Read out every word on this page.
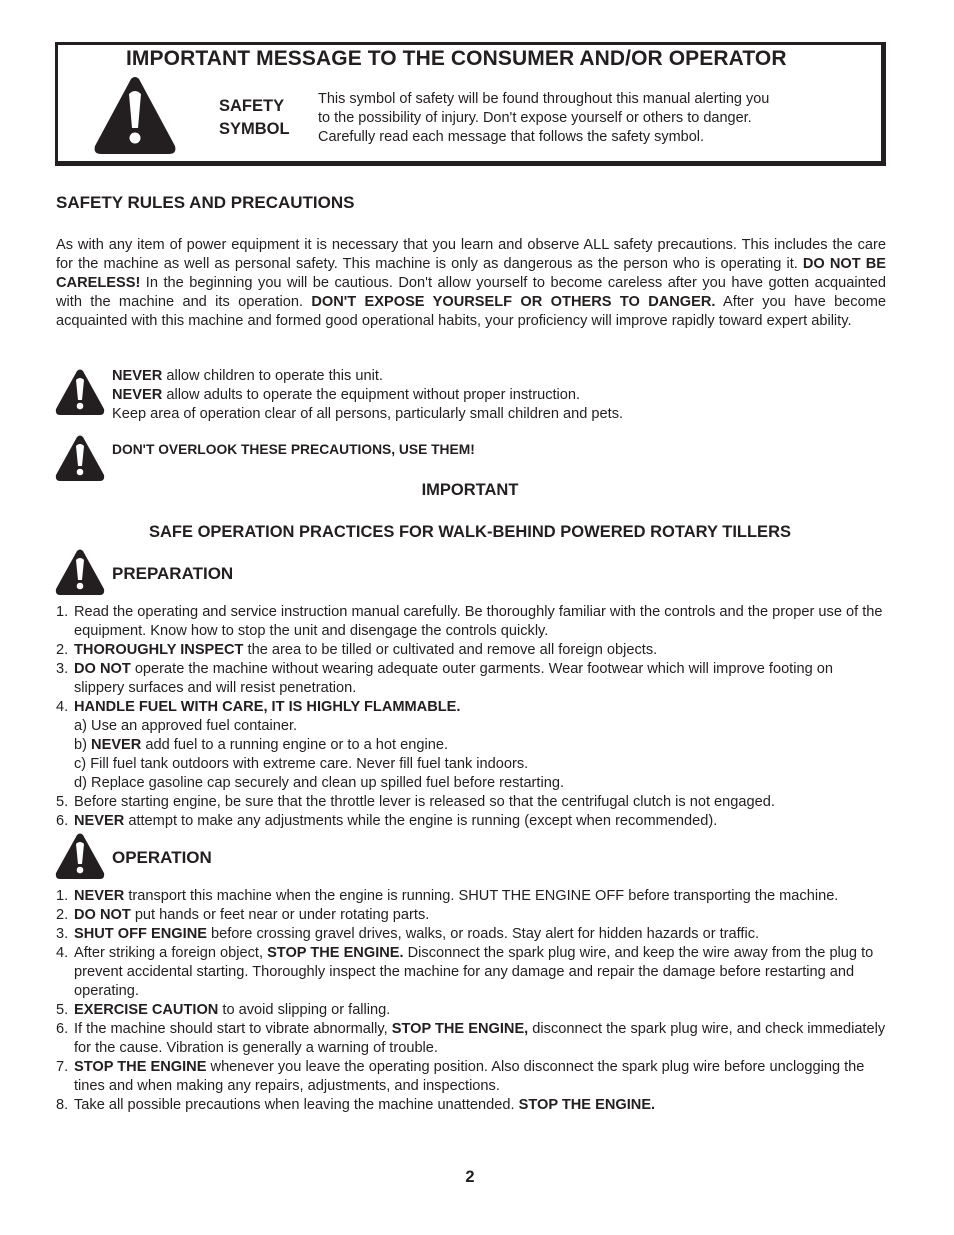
IMPORTANT MESSAGE TO THE CONSUMER AND/OR OPERATOR
SAFETY
SYMBOL
This symbol of safety will be found throughout this manual alerting you
to the possibility of injury. Don't expose yourself or others to danger.
Carefully read each message that follows the safety symbol.
SAFETY RULES AND PRECAUTIONS
As with any item of power equipment it is necessary that you learn and observe ALL safety precautions. This includes the care for the machine as well as personal safety. This machine is only as dangerous as the person who is operating it. DO NOT BE CARELESS! In the beginning you will be cautious. Don't allow yourself to become careless after you have gotten acquainted with the machine and its operation. DON'T EXPOSE YOURSELF OR OTHERS TO DANGER. After you have become acquainted with this machine and formed good operational habits, your proficiency will improve rapidly toward expert ability.
NEVER allow children to operate this unit.
NEVER allow adults to operate the equipment without proper instruction.
Keep area of operation clear of all persons, particularly small children and pets.
DON'T OVERLOOK THESE PRECAUTIONS, USE THEM!
IMPORTANT
SAFE OPERATION PRACTICES FOR WALK-BEHIND POWERED ROTARY TILLERS
PREPARATION
1. Read the operating and service instruction manual carefully. Be thoroughly familiar with the controls and the proper use of the equipment. Know how to stop the unit and disengage the controls quickly.
2. THOROUGHLY INSPECT the area to be tilled or cultivated and remove all foreign objects.
3. DO NOT operate the machine without wearing adequate outer garments. Wear footwear which will improve footing on slippery surfaces and will resist penetration.
4. HANDLE FUEL WITH CARE, IT IS HIGHLY FLAMMABLE.
a) Use an approved fuel container.
b) NEVER add fuel to a running engine or to a hot engine.
c) Fill fuel tank outdoors with extreme care. Never fill fuel tank indoors.
d) Replace gasoline cap securely and clean up spilled fuel before restarting.
5. Before starting engine, be sure that the throttle lever is released so that the centrifugal clutch is not engaged.
6. NEVER attempt to make any adjustments while the engine is running (except when recommended).
OPERATION
1. NEVER transport this machine when the engine is running. SHUT THE ENGINE OFF before transporting the machine.
2. DO NOT put hands or feet near or under rotating parts.
3. SHUT OFF ENGINE before crossing gravel drives, walks, or roads. Stay alert for hidden hazards or traffic.
4. After striking a foreign object, STOP THE ENGINE. Disconnect the spark plug wire, and keep the wire away from the plug to prevent accidental starting. Thoroughly inspect the machine for any damage and repair the damage before restarting and operating.
5. EXERCISE CAUTION to avoid slipping or falling.
6. If the machine should start to vibrate abnormally, STOP THE ENGINE, disconnect the spark plug wire, and check immediately for the cause. Vibration is generally a warning of trouble.
7. STOP THE ENGINE whenever you leave the operating position. Also disconnect the spark plug wire before unclogging the tines and when making any repairs, adjustments, and inspections.
8. Take all possible precautions when leaving the machine unattended. STOP THE ENGINE.
2
